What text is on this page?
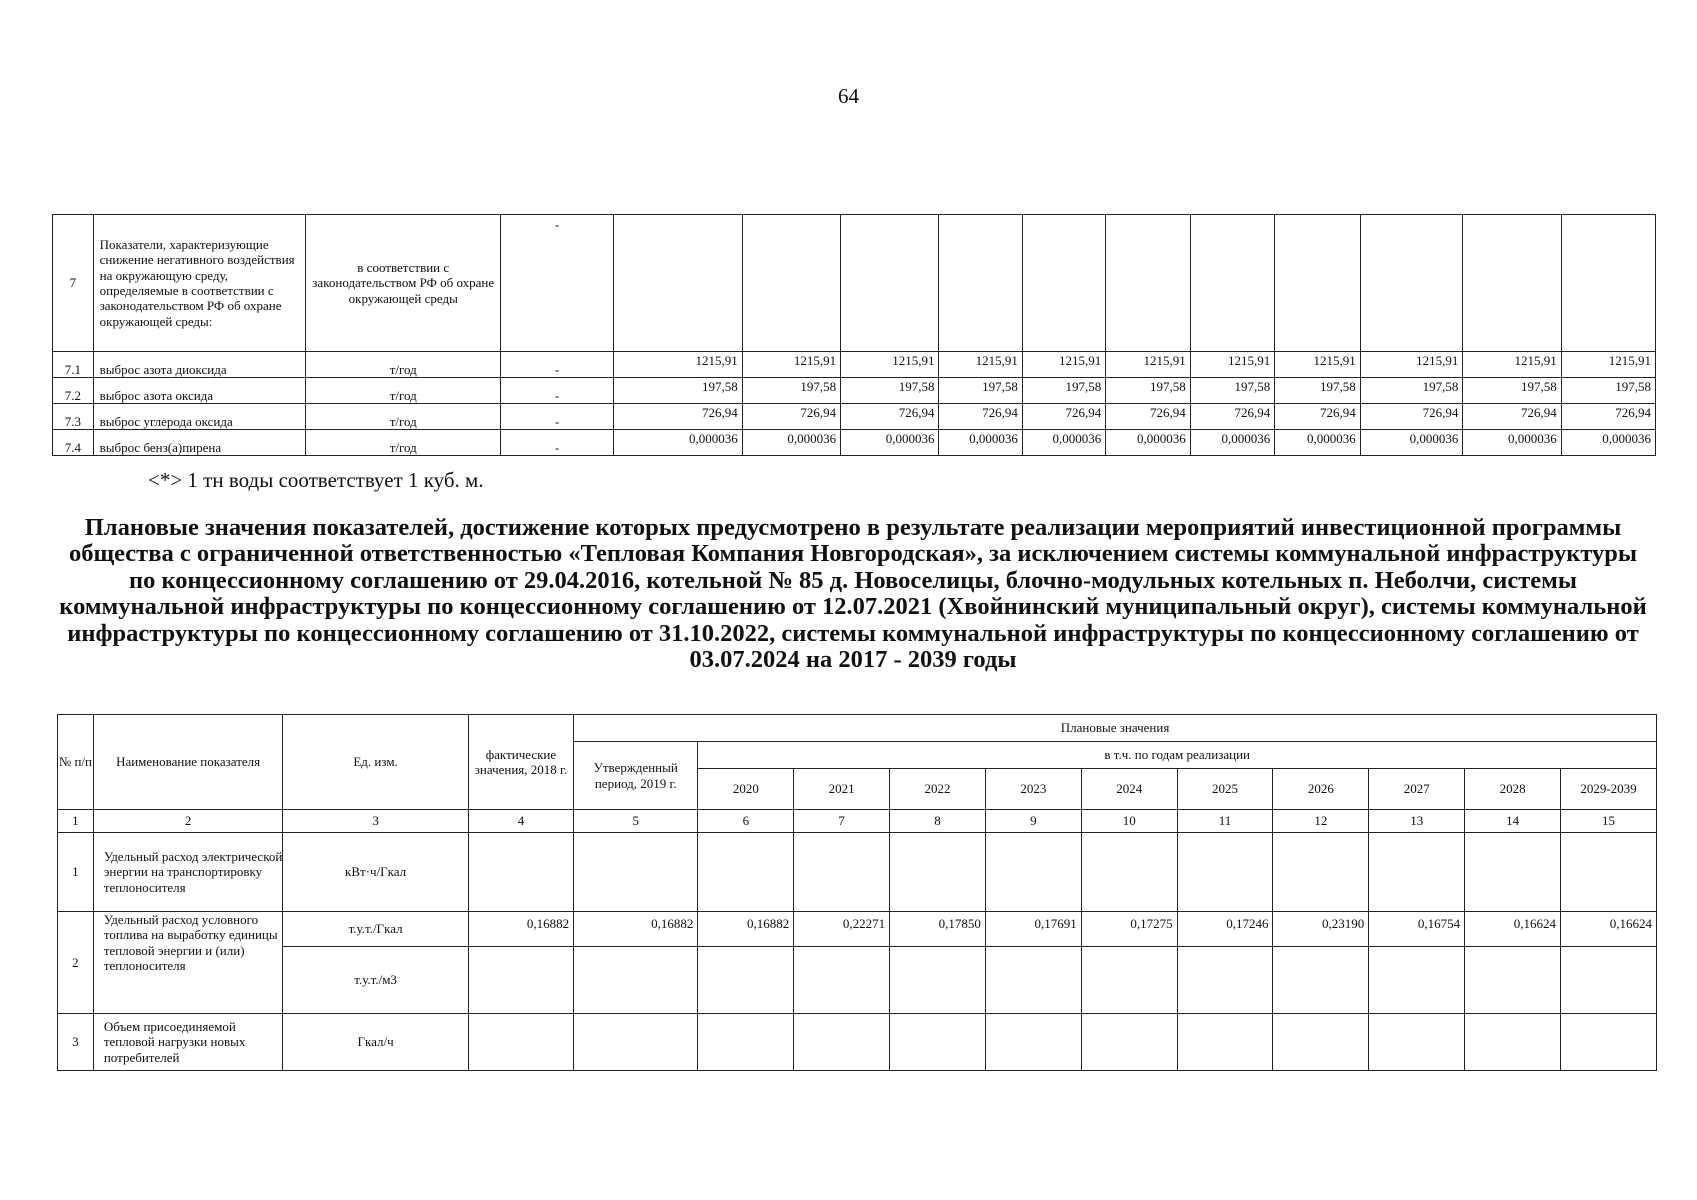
64
7	Показатели, характеризующие снижение негативного воздействия на окружающую среду, определяемые в соответствии с законодательством РФ об охране окружающей среды:	в соответствии с законодательством РФ об охране окружающей среды	-											
7.1	выброс азота диоксида	т/год	-	1215,91	1215,91	1215,91	1215,91	1215,91	1215,91	1215,91	1215,91	1215,91	1215,91	1215,91
7.2	выброс азота оксида	т/год	-	197,58	197,58	197,58	197,58	197,58	197,58	197,58	197,58	197,58	197,58	197,58
7.3	выброс углерода оксида	т/год	-	726,94	726,94	726,94	726,94	726,94	726,94	726,94	726,94	726,94	726,94	726,94
7.4	выброс бенз(а)пирена	т/год	-	0,000036	0,000036	0,000036	0,000036	0,000036	0,000036	0,000036	0,000036	0,000036	0,000036	0,000036
<*> 1 тн воды соответствует 1 куб. м.
Плановые значения показателей, достижение которых предусмотрено в результате реализации мероприятий инвестиционной программы общества с ограниченной ответственностью «Тепловая Компания Новгородская», за исключением системы коммунальной инфраструктуры по концессионному соглашению от 29.04.2016, котельной № 85 д. Новоселицы, блочно-модульных котельных п. Неболчи, системы коммунальной инфраструктуры по концессионному соглашению от 12.07.2021 (Хвойнинский муниципальный округ), системы коммунальной инфраструктуры по концессионному соглашению от 31.10.2022, системы коммунальной инфраструктуры по концессионному соглашению от 03.07.2024 на 2017 - 2039 годы
№ п/п	Наименование показателя	Ед. изм.	фактические значения, 2018 г.	Плановые значения										
				Утвержденный период, 2019 г.	в т.ч. по годам реализации									
					2020	2021	2022	2023	2024	2025	2026	2027	2028	2029-2039
1	2	3	4	5	6	7	8	9	10	11	12	13	14	15
1	Удельный расход электрической энергии на транспортировку теплоносителя	кВт·ч/Гкал												
2	Удельный расход условного топлива на выработку единицы тепловой энергии и (или) теплоносителя	т.у.т./Гкал	0,16882	0,16882	0,16882	0,22271	0,17850	0,17691	0,17275	0,17246	0,23190	0,16754	0,16624	0,16624
		т.у.т./м3												
3	Объем присоединяемой тепловой нагрузки новых потребителей	Гкал/ч												
